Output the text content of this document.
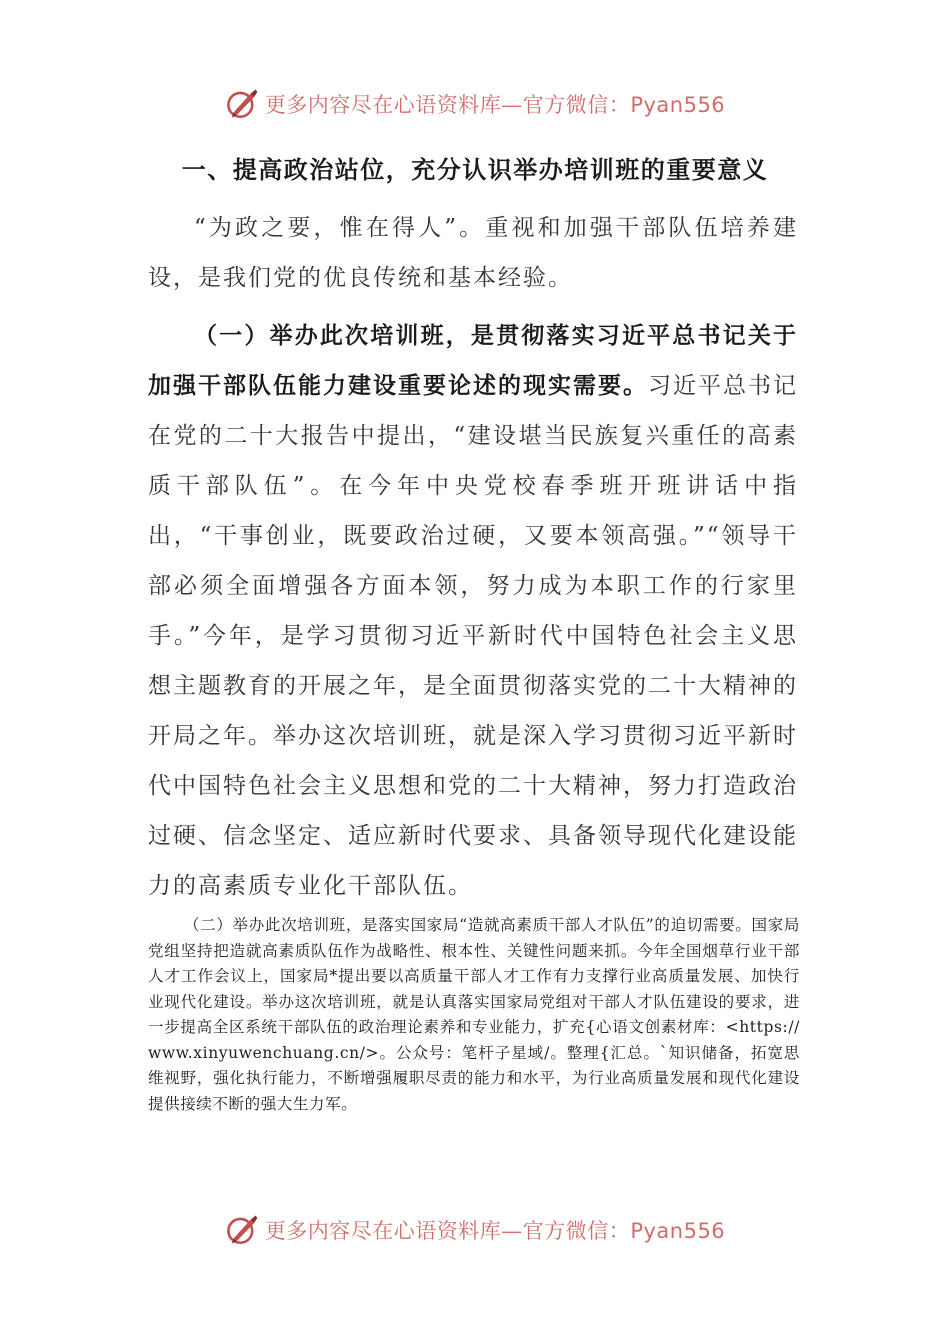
更多内容尽在心语资料库—官方微信：Pyan556
一、提高政治站位，充分认识举办培训班的重要意义
“为政之要，惟在得人”。重视和加强干部队伍培养建设，是我们党的优良传统和基本经验。
（一）举办此次培训班，是贯彻落实习近平总书记关于加强干部队伍能力建设重要论述的现实需要。习近平总书记在党的二十大报告中提出，“建设堪当民族复兴重任的高素质干部队伍”。在今年中央党校春季班开班讲话中指出，“干事创业，既要政治过硬，又要本领高强。”“领导干部必须全面增强各方面本领，努力成为本职工作的行家里手。”今年，是学习贯彻习近平新时代中国特色社会主义思想主题教育的开展之年，是全面贯彻落实党的二十大精神的开局之年。举办这次培训班，就是深入学习贯彻习近平新时代中国特色社会主义思想和党的二十大精神，努力打造政治过硬、信念坚定、适应新时代要求、具备领导现代化建设能力的高素质专业化干部队伍。
（二）举办此次培训班，是落实国家局“造就高素质干部人才队伍”的迫切需要。国家局党组坚持把造就高素质队伍作为战略性、根本性、关键性问题来抓。今年全国烟草行业干部人才工作会议上，国家局*提出要以高质量干部人才工作有力支撑行业高质量发展、加快行业现代化建设。举办这次培训班，就是认真落实国家局党组对干部人才队伍建设的要求，进一步提高全区系统干部队伍的政治理论素养和专业能力，扩充{心语文创素材库：<https://www.xinyuwenchuang.cn/>。公众号：笔杆子星域/。整理{汇总。`知识储备，拓宽思维视野，强化执行能力，不断增强履职尽责的能力和水平，为行业高质量发展和现代化建设提供接续不断的强大生力军。
更多内容尽在心语资料库—官方微信：Pyan556
